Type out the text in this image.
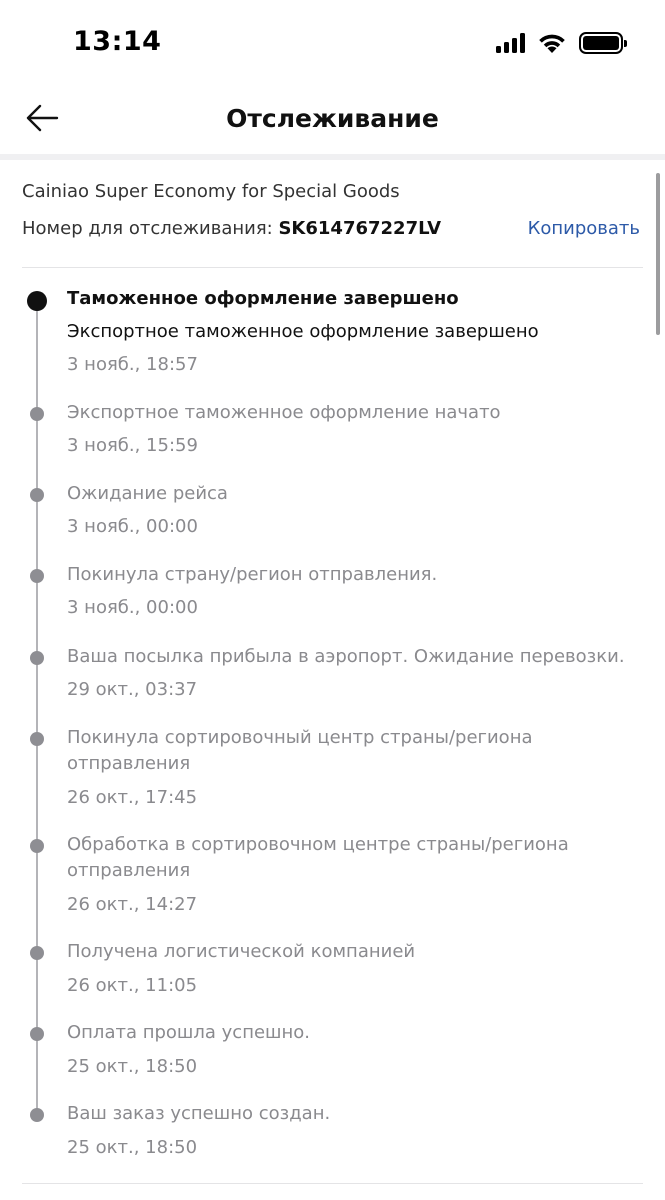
13:14
Отслеживание
Cainiao Super Economy for Special Goods
Номер для отслеживания: SK614767227LV	Копировать
Таможенное оформление завершено
Экспортное таможенное оформление завершено
3 нояб., 18:57
Экспортное таможенное оформление начато
3 нояб., 15:59
Ожидание рейса
3 нояб., 00:00
Покинула страну/регион отправления.
3 нояб., 00:00
Ваша посылка прибыла в аэропорт. Ожидание перевозки.
29 окт., 03:37
Покинула сортировочный центр страны/региона отправления
26 окт., 17:45
Обработка в сортировочном центре страны/региона отправления
26 окт., 14:27
Получена логистической компанией
26 окт., 11:05
Оплата прошла успешно.
25 окт., 18:50
Ваш заказ успешно создан.
25 окт., 18:50
